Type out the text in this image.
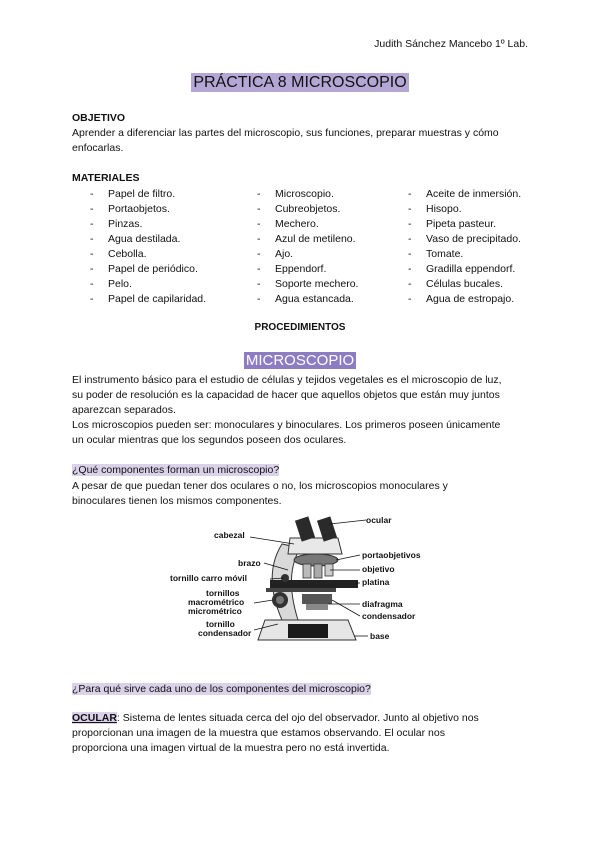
Judith Sánchez Mancebo 1º Lab.
PRÁCTICA 8 MICROSCOPIO
OBJETIVO
Aprender a diferenciar las partes del microscopio, sus funciones, preparar muestras y cómo
enfocarlas.
MATERIALES
- Papel de filtro.
- Portaobjetos.
- Pinzas.
- Agua destilada.
- Cebolla.
- Papel de periódico.
- Pelo.
- Papel de capilaridad.
- Microscopio.
- Cubreobjetos.
- Mechero.
- Azul de metileno.
- Ajo.
- Eppendorf.
- Soporte mechero.
- Agua estancada.
- Aceite de inmersión.
- Hisopo.
- Pipeta pasteur.
- Vaso de precipitado.
- Tomate.
- Gradilla eppendorf.
- Células bucales.
- Agua de estropajo.
PROCEDIMIENTOS
MICROSCOPIO
El instrumento básico para el estudio de células y tejidos vegetales es el microscopio de luz,
su poder de resolución es la capacidad de hacer que aquellos objetos que están muy juntos
aparezcan separados.
Los microscopios pueden ser: monoculares y binoculares. Los primeros poseen únicamente
un ocular mientras que los segundos poseen dos oculares.
¿Qué componentes forman un microscopio?
A pesar de que puedan tener dos oculares o no, los microscopios monoculares y
binoculares tienen los mismos componentes.
cabezal
brazo
tornillo carro móvil
tornillos
macrométrico
micrométrico
tornillo
condensador
ocular
portaobjetivos
objetivo
platina
diafragma
condensador
base
¿Para qué sirve cada uno de los componentes del microscopio?
OCULAR: Sistema de lentes situada cerca del ojo del observador. Junto al objetivo nos
proporcionan una imagen de la muestra que estamos observando. El ocular nos
proporciona una imagen virtual de la muestra pero no está invertida.
